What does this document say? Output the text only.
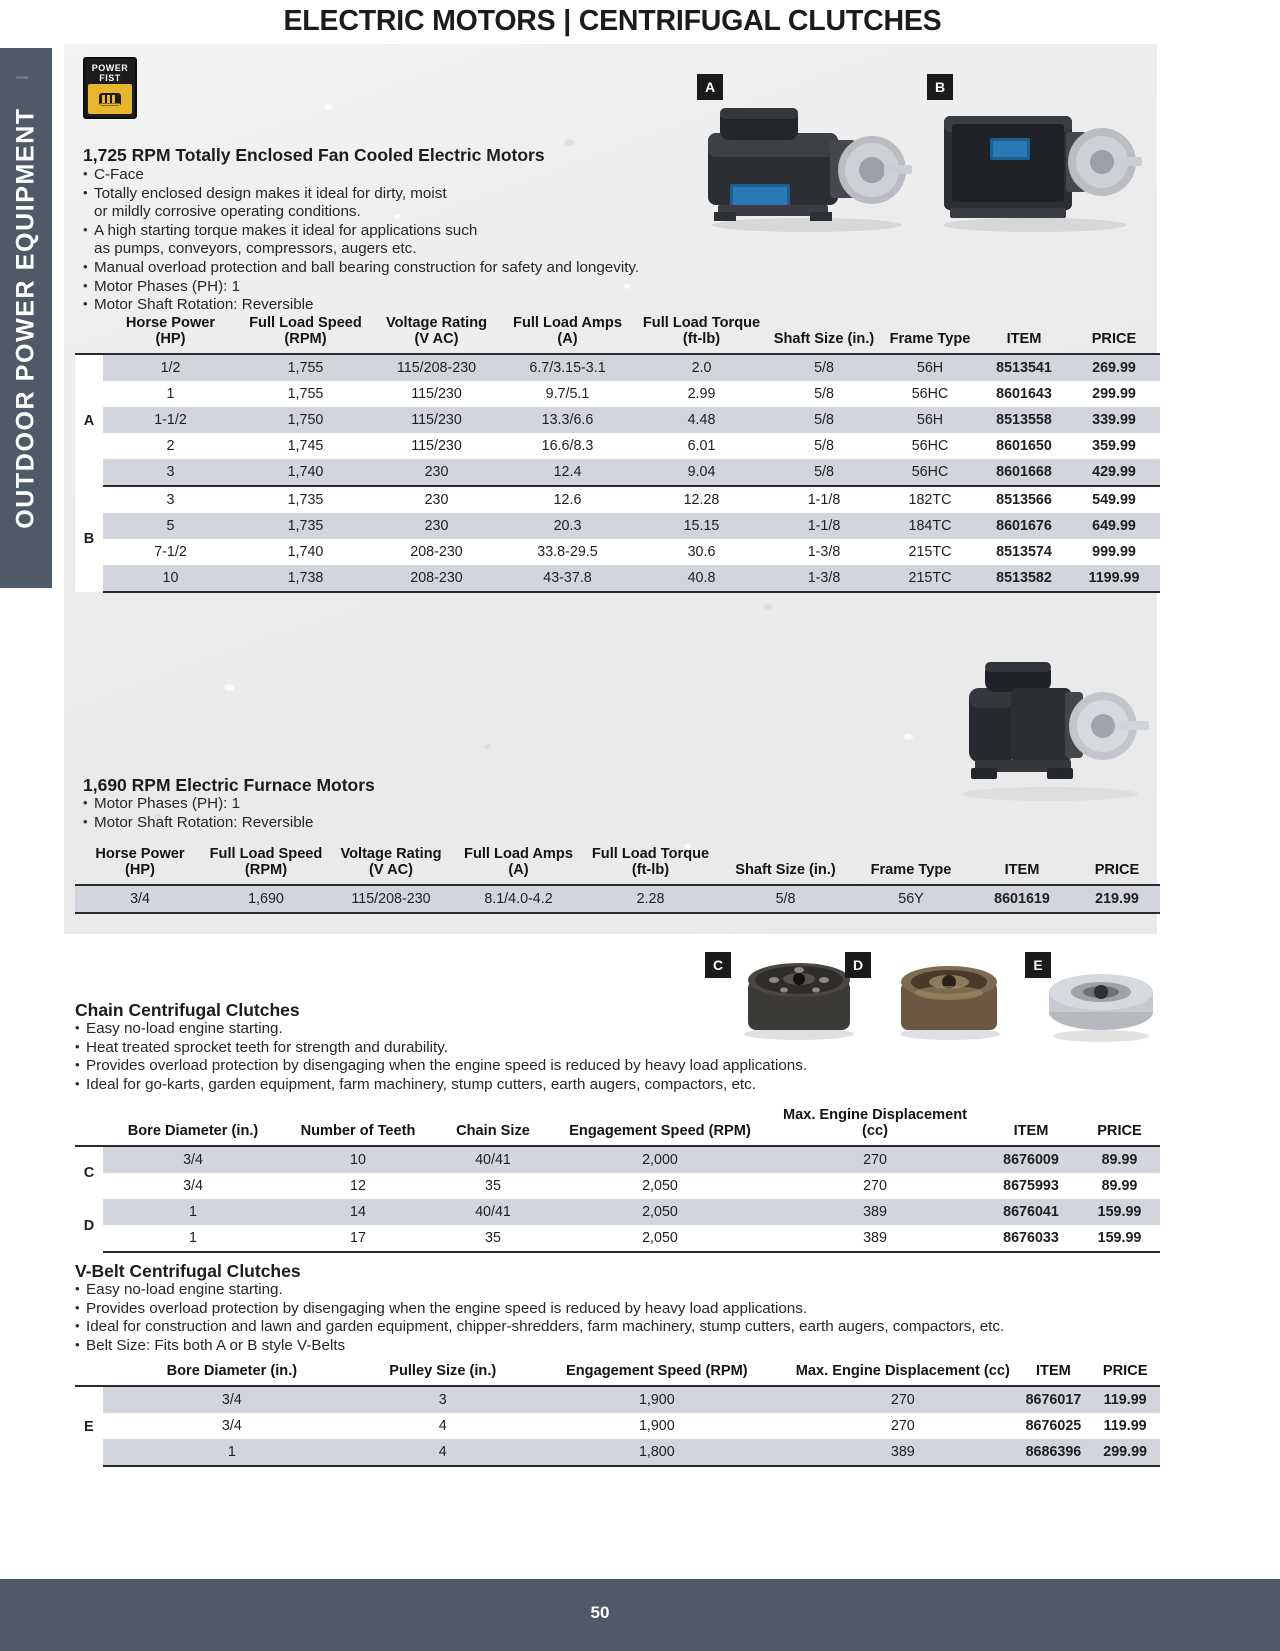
OUTDOOR POWER EQUIPMENT
ELECTRIC MOTORS | CENTRIFUGAL CLUTCHES
POWER
FIST
A	B
1,725 RPM Totally Enclosed Fan Cooled Electric Motors
• C-Face
• Totally enclosed design makes it ideal for dirty, moist
or mildly corrosive operating conditions.
• A high starting torque makes it ideal for applications such
as pumps, conveyors, compressors, augers etc.
• Manual overload protection and ball bearing construction for safety and longevity.
• Motor Phases (PH): 1
• Motor Shaft Rotation: Reversible

Horse Power
(HP)

Full Load Speed
(RPM)

Voltage Rating
(V AC)

Full Load Amps
(A)

Full Load Torque
(ft-lb)	Shaft Size (in.)	Frame Type	ITEM	PRICE

A	1/2	1,755	115/208-230	6.7/3.15-3.1	2.0	5/8	56H	8513541	269.99
	1	1,755	115/230	9.7/5.1	2.99	5/8	56HC	8601643	299.99
	1-1/2	1,750	115/230	13.3/6.6	4.48	5/8	56H	8513558	339.99
	2	1,745	115/230	16.6/8.3	6.01	5/8	56HC	8601650	359.99
	3	1,740	230	12.4	9.04	5/8	56HC	8601668	429.99
B	3	1,735	230	12.6	12.28	1-1/8	182TC	8513566	549.99
	5	1,735	230	20.3	15.15	1-1/8	184TC	8601676	649.99
	7-1/2	1,740	208-230	33.8-29.5	30.6	1-3/8	215TC	8513574	999.99
	10	1,738	208-230	43-37.8	40.8	1-3/8	215TC	8513582	1199.99
1,690 RPM Electric Furnace Motors
• Motor Phases (PH): 1
• Motor Shaft Rotation: Reversible
Horse Power
(HP)

Full Load Speed
(RPM)

Voltage Rating
(V AC)

Full Load Amps
(A)

Full Load Torque
(ft-lb)	Shaft Size (in.)	Frame Type	ITEM	PRICE

3/4	1,690	115/208-230	8.1/4.0-4.2	2.28	5/8	56Y	8601619	219.99
C	D	E
Chain Centrifugal Clutches
• Easy no-load engine starting.
• Heat treated sprocket teeth for strength and durability.
• Provides overload protection by disengaging when the engine speed is reduced by heavy load applications.
• Ideal for go-karts, garden equipment, farm machinery, stump cutters, earth augers, compactors, etc.

	Bore Diameter (in.)	Number of Teeth	Chain Size	Engagement Speed (RPM)	Max. Engine Displacement (cc)	ITEM	PRICE

C	3/4	10	40/41	2,000	270	8676009	89.99
	3/4	12	35	2,050	270	8675993	89.99
D	1	14	40/41	2,050	389	8676041	159.99
	1	17	35	2,050	389	8676033	159.99
V-Belt Centrifugal Clutches
• Easy no-load engine starting.
• Provides overload protection by disengaging when the engine speed is reduced by heavy load applications.
• Ideal for construction and lawn and garden equipment, chipper-shredders, farm machinery, stump cutters, earth augers, compactors, etc.
• Belt Size: Fits both A or B style V-Belts

	Bore Diameter (in.)	Pulley Size (in.)	Engagement Speed (RPM)	Max. Engine Displacement (cc)	ITEM	PRICE

E	3/4	3	1,900	270	8676017	119.99
	3/4	4	1,900	270	8676025	119.99
	1	4	1,800	389	8686396	299.99
50
